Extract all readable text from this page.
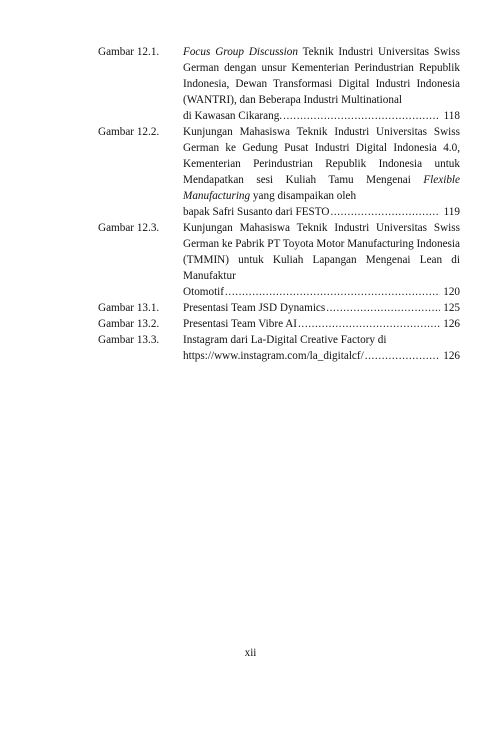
Gambar 12.1.	Focus Group Discussion Teknik Industri Universitas Swiss German dengan unsur Kementerian Perindustrian Republik Indonesia, Dewan Transformasi Digital Industri Indonesia (WANTRI), dan Beberapa Industri Multinational
di Kawasan Cikarang. .....	118
Gambar 12.2.	Kunjungan Mahasiswa Teknik Industri Universitas Swiss German ke Gedung Pusat Industri Digital Indonesia 4.0, Kementerian Perindustrian Republik Indonesia untuk Mendapatkan sesi Kuliah Tamu Mengenai Flexible Manufacturing yang disampaikan oleh
bapak Safri Susanto dari FESTO .....	119
Gambar 12.3.	Kunjungan Mahasiswa Teknik Industri Universitas Swiss German ke Pabrik PT Toyota Motor Manufacturing Indonesia (TMMIN) untuk Kuliah Lapangan Mengenai Lean di Manufaktur
Otomotif .....	120
Gambar 13.1.	Presentasi Team JSD Dynamics .....	125
Gambar 13.2.	Presentasi Team Vibre AI .....	126
Gambar 13.3.	Instagram dari La-Digital Creative Factory di
https://www.instagram.com/la_digitalcf/ .....	126
xii
